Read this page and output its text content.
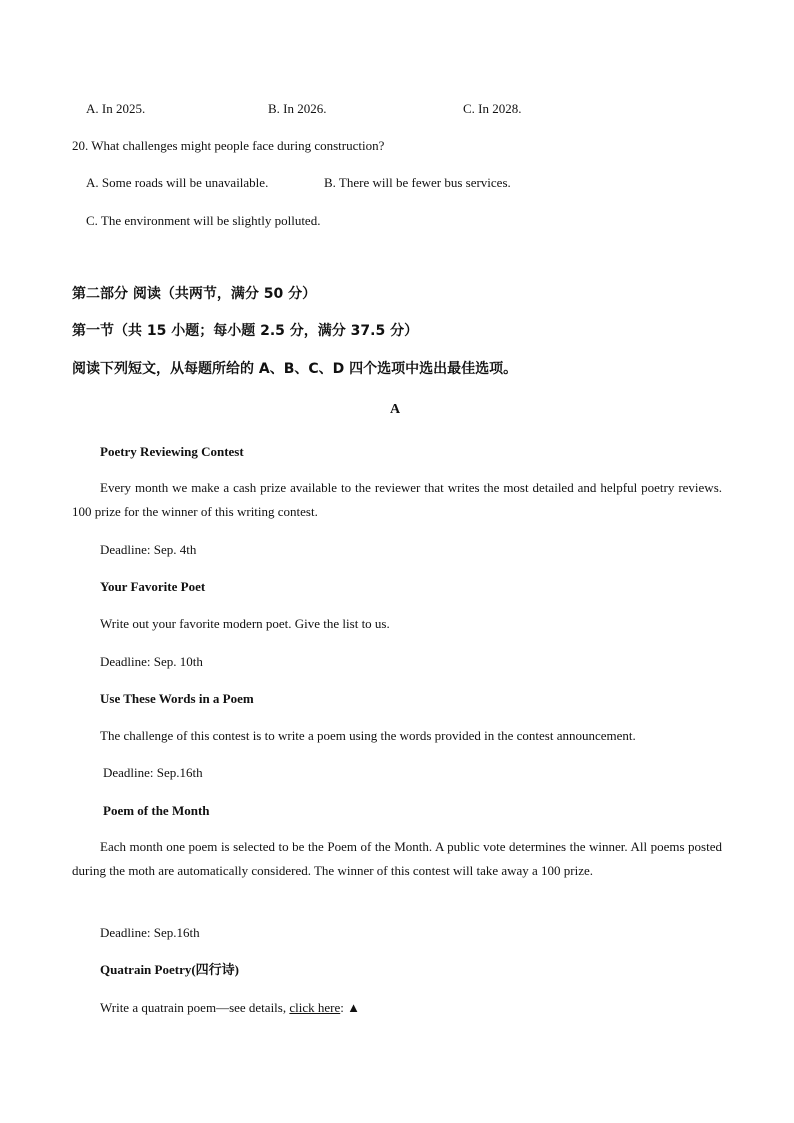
A. In 2025.	B. In 2026.	C. In 2028.
20. What challenges might people face during construction?
A. Some roads will be unavailable.	B. There will be fewer bus services.
C. The environment will be slightly polluted.
第二部分 阅读（共两节，满分 50 分）
第一节（共 15 小题；每小题 2.5 分，满分 37.5 分）
阅读下列短文，从每题所给的 A、B、C、D 四个选项中选出最佳选项。
A
Poetry Reviewing Contest
Every month we make a cash prize available to the reviewer that writes the most detailed and helpful poetry reviews. 100 prize for the winner of this writing contest.
Deadline: Sep. 4th
Your Favorite Poet
Write out your favorite modern poet. Give the list to us.
Deadline: Sep. 10th
Use These Words in a Poem
The challenge of this contest is to write a poem using the words provided in the contest announcement.
Deadline: Sep.16th
Poem of the Month
Each month one poem is selected to be the Poem of the Month. A public vote determines the winner. All poems posted during the moth are automatically considered. The winner of this contest will take away a 100 prize.
Deadline: Sep.16th
Quatrain Poetry(四行诗)
Write a quatrain poem—see details, click here: ▲
